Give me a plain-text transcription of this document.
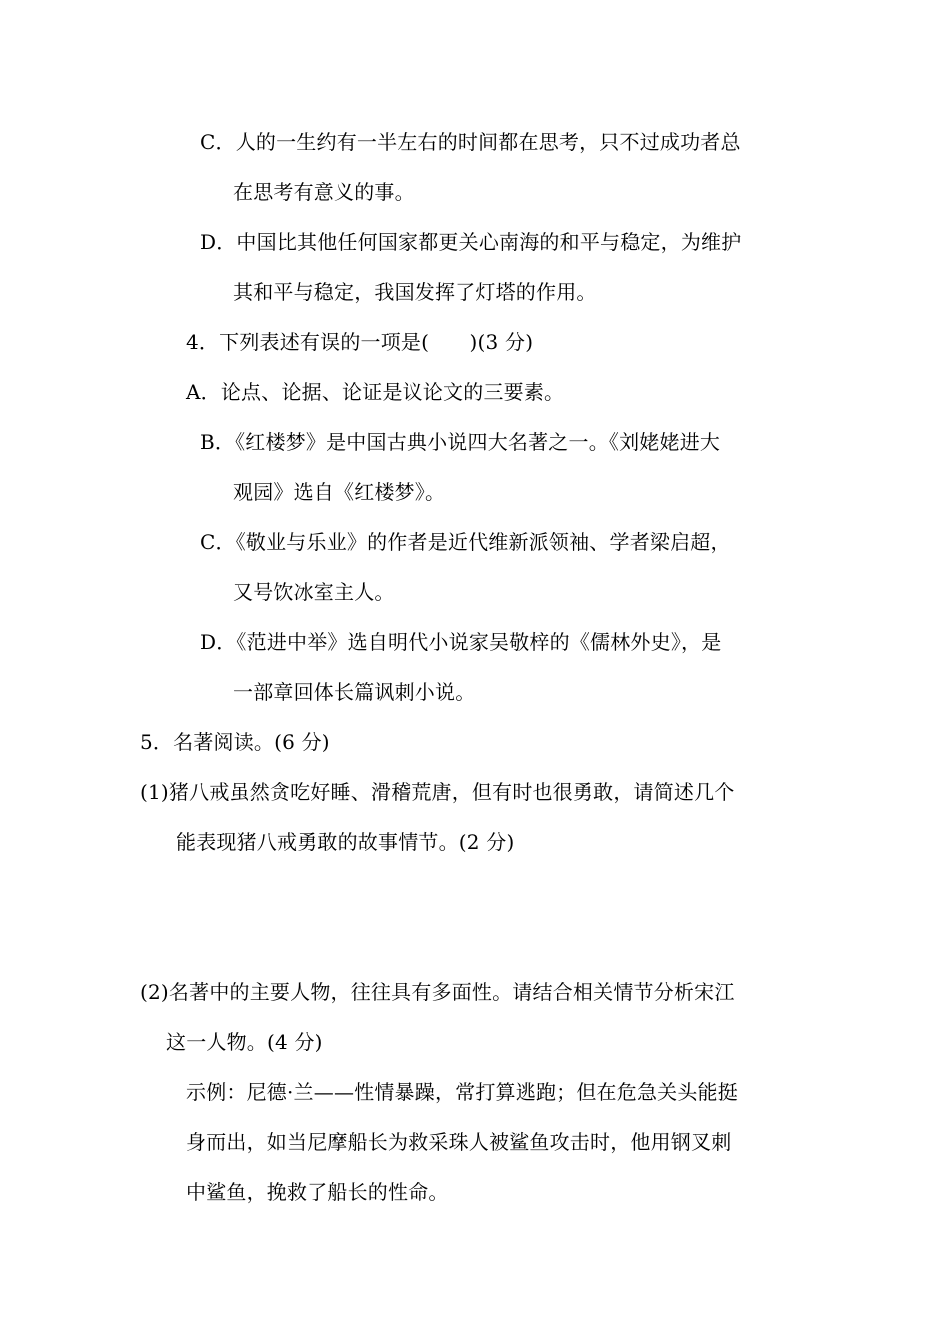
C．人的一生约有一半左右的时间都在思考，只不过成功者总
在思考有意义的事。
D．中国比其他任何国家都更关心南海的和平与稳定，为维护
其和平与稳定，我国发挥了灯塔的作用。
4．下列表述有误的一项是(　　)(3 分)
A．论点、论据、论证是议论文的三要素。
B．《红楼梦》是中国古典小说四大名著之一。《刘姥姥进大
观园》选自《红楼梦》。
C．《敬业与乐业》的作者是近代维新派领袖、学者梁启超，
又号饮冰室主人。
D．《范进中举》选自明代小说家吴敬梓的《儒林外史》，是
一部章回体长篇讽刺小说。
5．名著阅读。(6 分)
(1)猪八戒虽然贪吃好睡、滑稽荒唐，但有时也很勇敢，请简述几个
能表现猪八戒勇敢的故事情节。(2 分)
(2)名著中的主要人物，往往具有多面性。请结合相关情节分析宋江
这一人物。(4 分)
示例：尼德·兰——性情暴躁，常打算逃跑；但在危急关头能挺
身而出，如当尼摩船长为救采珠人被鲨鱼攻击时，他用钢叉刺
中鲨鱼，挽救了船长的性命。
